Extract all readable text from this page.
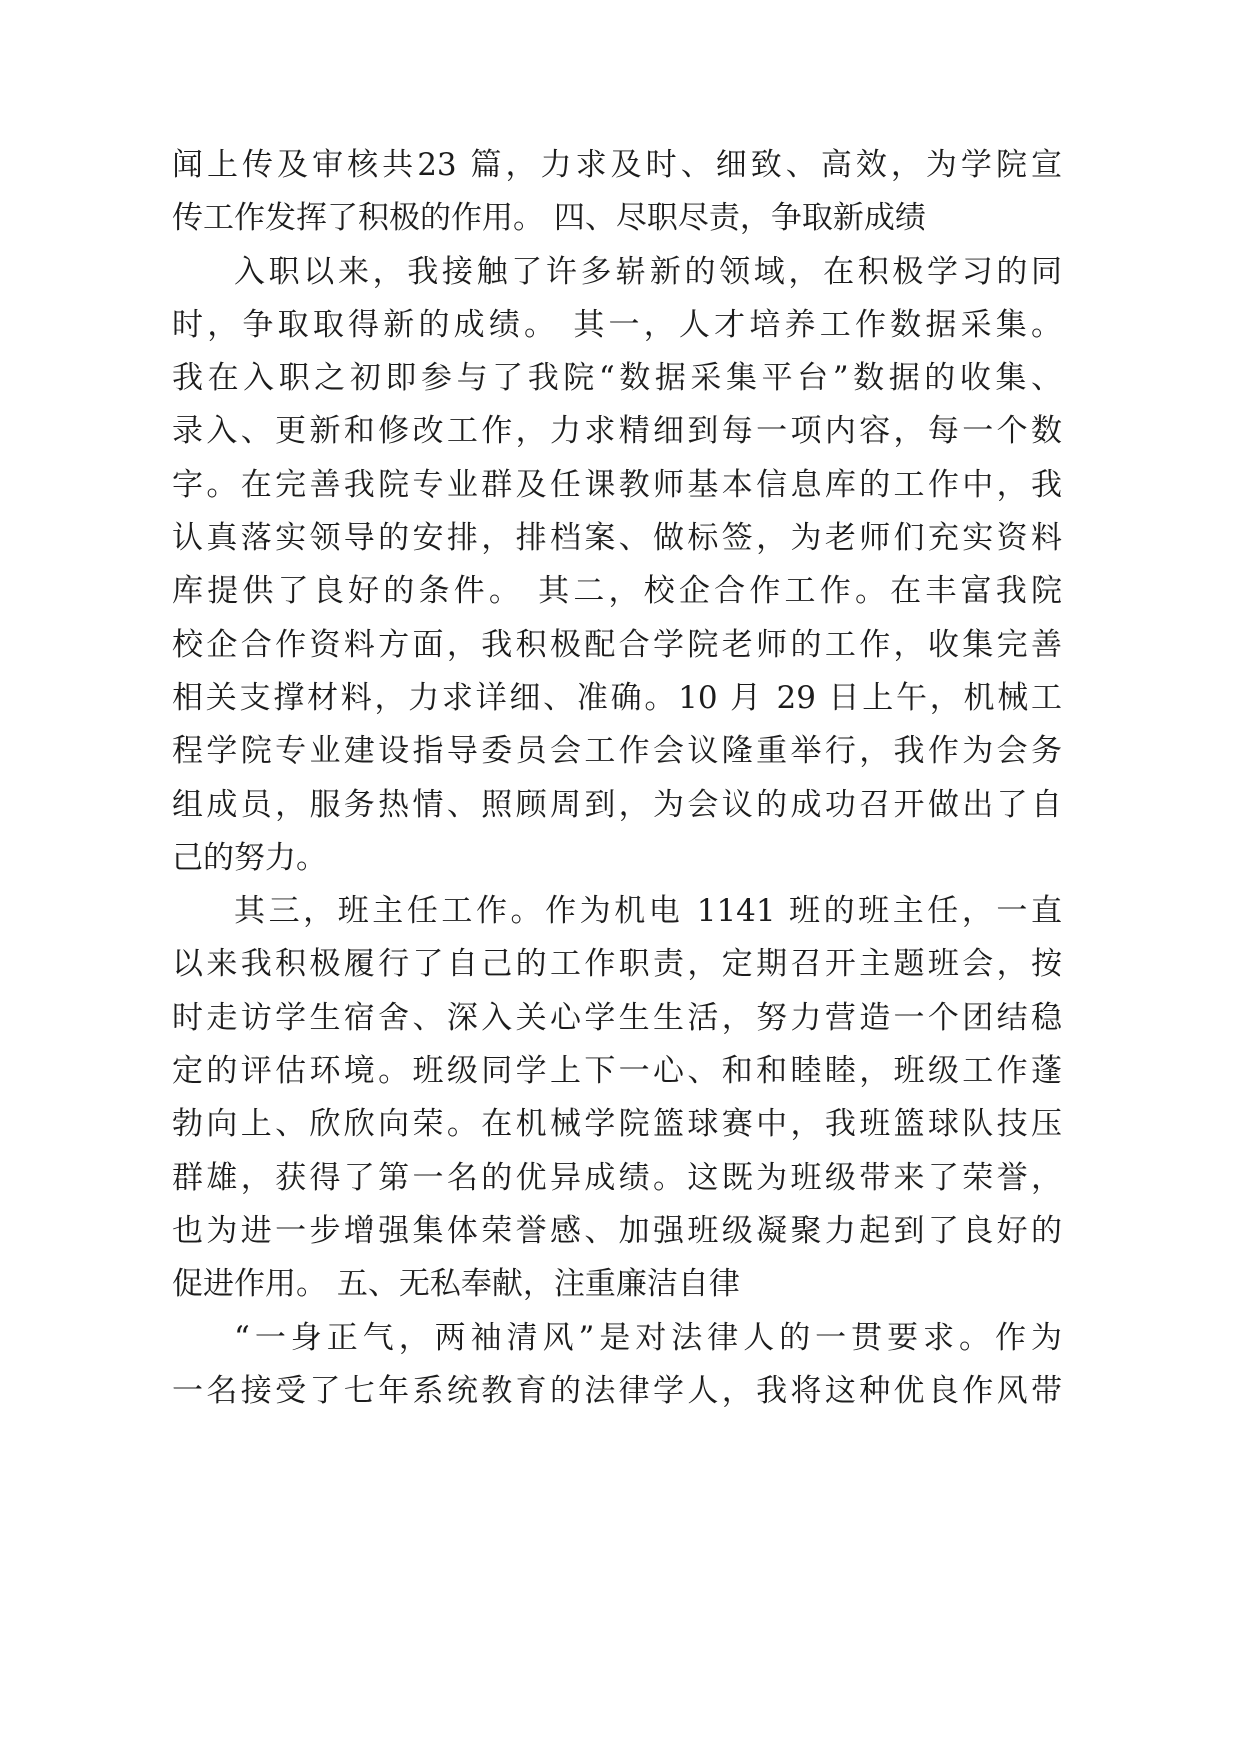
闻上传及审核共23 篇，力求及时、细致、高效，为学院宣
传工作发挥了积极的作用。 四、尽职尽责，争取新成绩
入职以来，我接触了许多崭新的领域，在积极学习的同
时，争取取得新的成绩。 其一，人才培养工作数据采集。
我在入职之初即参与了我院“数据采集平台”数据的收集、
录入、更新和修改工作，力求精细到每一项内容，每一个数
字。在完善我院专业群及任课教师基本信息库的工作中，我
认真落实领导的安排，排档案、做标签，为老师们充实资料
库提供了良好的条件。 其二，校企合作工作。在丰富我院
校企合作资料方面，我积极配合学院老师的工作，收集完善
相关支撑材料，力求详细、准确。10 月 29 日上午，机械工
程学院专业建设指导委员会工作会议隆重举行，我作为会务
组成员，服务热情、照顾周到，为会议的成功召开做出了自
己的努力。
其三，班主任工作。作为机电 1141 班的班主任，一直
以来我积极履行了自己的工作职责，定期召开主题班会，按
时走访学生宿舍、深入关心学生生活，努力营造一个团结稳
定的评估环境。班级同学上下一心、和和睦睦，班级工作蓬
勃向上、欣欣向荣。在机械学院篮球赛中，我班篮球队技压
群雄，获得了第一名的优异成绩。这既为班级带来了荣誉，
也为进一步增强集体荣誉感、加强班级凝聚力起到了良好的
促进作用。 五、无私奉献，注重廉洁自律
“一身正气，两袖清风”是对法律人的一贯要求。作为
一名接受了七年系统教育的法律学人，我将这种优良作风带
